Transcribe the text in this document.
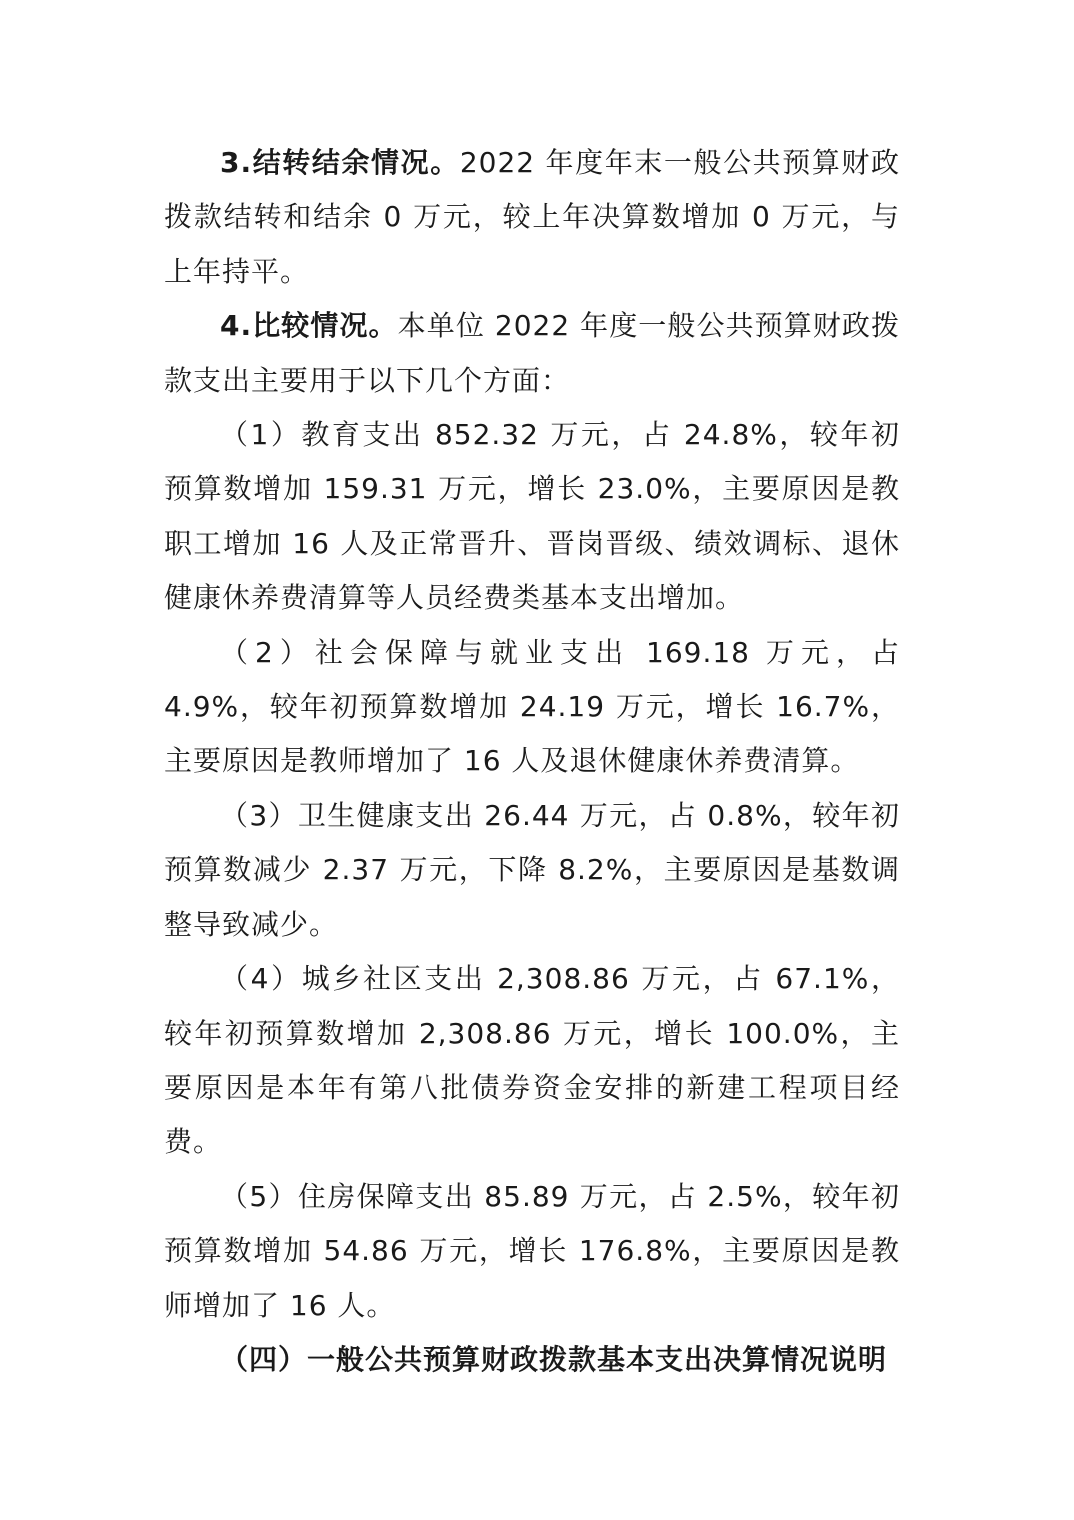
3.结转结余情况。2022 年度年末一般公共预算财政拨款结转和结余 0 万元，较上年决算数增加 0 万元，与上年持平。

4.比较情况。本单位 2022 年度一般公共预算财政拨款支出主要用于以下几个方面：

（1）教育支出 852.32 万元，占 24.8%，较年初预算数增加 159.31 万元，增长 23.0%，主要原因是教职工增加 16 人及正常晋升、晋岗晋级、绩效调标、退休健康休养费清算等人员经费类基本支出增加。

（2）社会保障与就业支出 169.18 万元，占 4.9%，较年初预算数增加 24.19 万元，增长 16.7%，主要原因是教师增加了 16 人及退休健康休养费清算。

（3）卫生健康支出 26.44 万元，占 0.8%，较年初预算数减少 2.37 万元，下降 8.2%，主要原因是基数调整导致减少。

（4）城乡社区支出 2,308.86 万元，占 67.1%，较年初预算数增加 2,308.86 万元，增长 100.0%，主要原因是本年有第八批债券资金安排的新建工程项目经费。

（5）住房保障支出 85.89 万元，占 2.5%，较年初预算数增加 54.86 万元，增长 176.8%，主要原因是教师增加了 16 人。

（四）一般公共预算财政拨款基本支出决算情况说明
